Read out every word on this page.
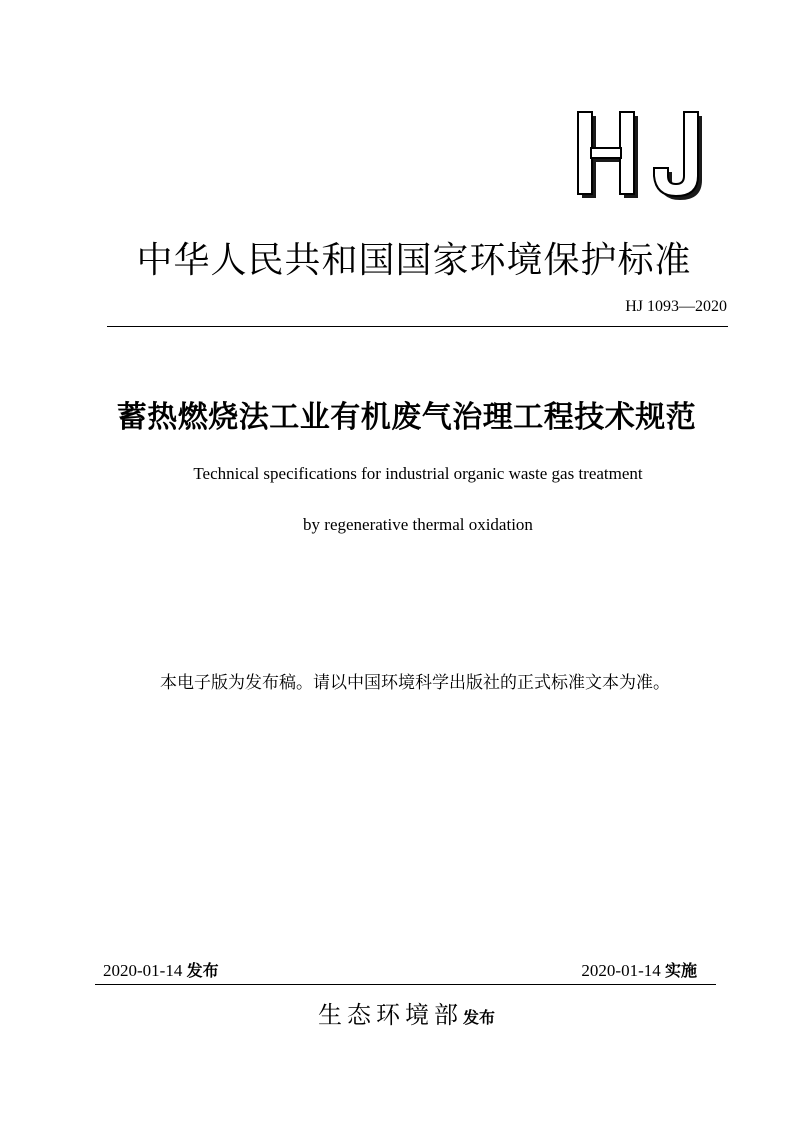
中华人民共和国国家环境保护标准
HJ 1093—2020
蓄热燃烧法工业有机废气治理工程技术规范
Technical specifications for industrial organic waste gas treatment
by regenerative thermal oxidation
本电子版为发布稿。请以中国环境科学出版社的正式标准文本为准。
2020-01-14 发布	2020-01-14 实施
生态环境部发布
